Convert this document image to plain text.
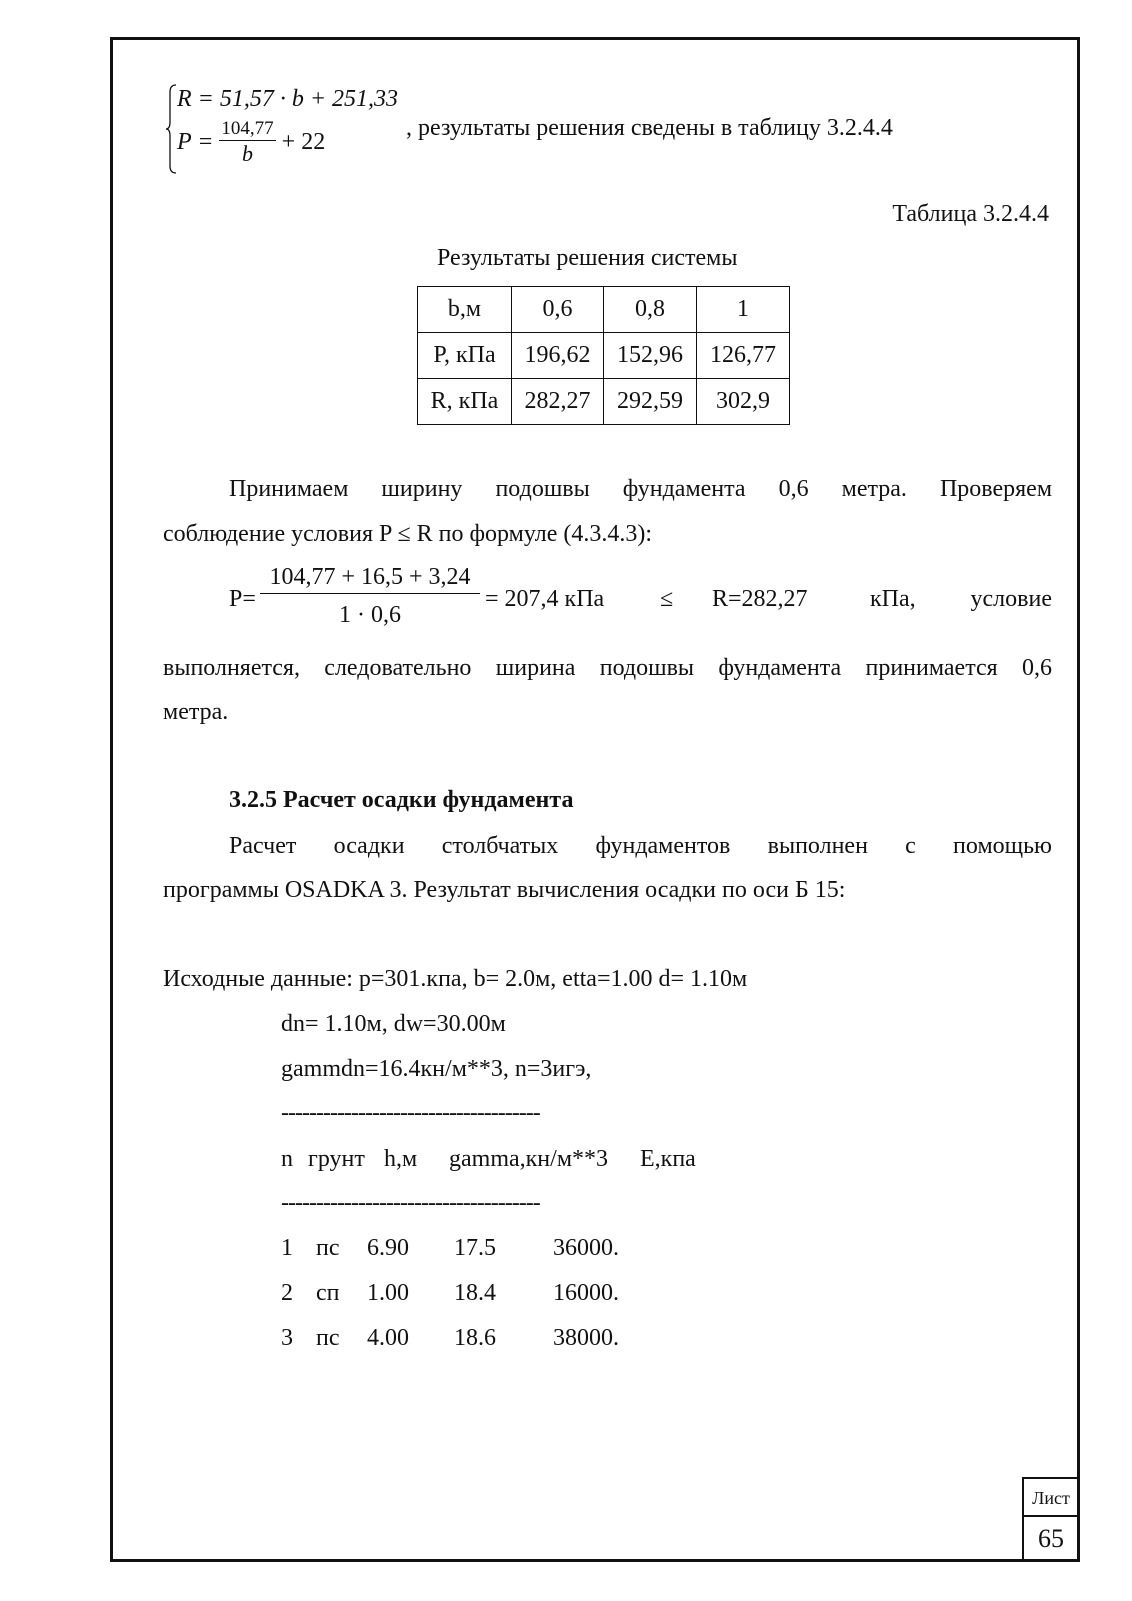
R = 51,57 · b + 251,33
$P = \frac{104,77}{b} + 22$
, результаты решения сведены в таблицу 3.2.4.4
Таблица 3.2.4.4
Результаты решения системы
b,м	0,6	0,8	1
P, кПа	196,62	152,96	126,77
R, кПа	282,27	292,59	302,9
Принимаем ширину подошвы фундамента 0,6 метра. Проверяем
соблюдение условия P ≤ R по формуле (4.3.4.3):
P=
104,77 + 16,5 + 3,24
1 · 0,6
= 207,4 кПа ≤ R=282,27	кПа, условие
выполняется, следовательно ширина подошвы фундамента принимается 0,6
метра.
3.2.5 Расчет осадки фундамента
Расчет осадки столбчатых фундаментов выполнен с помощью
программы OSADKA 3. Результат вычисления осадки по оси Б 15:
Исходные данные: p=301.кпа, b= 2.0м, etta=1.00 d= 1.10м
dn= 1.10м, dw=30.00м
gammdn=16.4кн/м**3, n=3игэ,
-------------------------------------
n грунт h,м gamma,кн/м**3 E,кпа
-------------------------------------
1 пс 6.90 17.5 36000.
2 сп 1.00 18.4 16000.
3 пс 4.00 18.6 38000.
Лист
65
